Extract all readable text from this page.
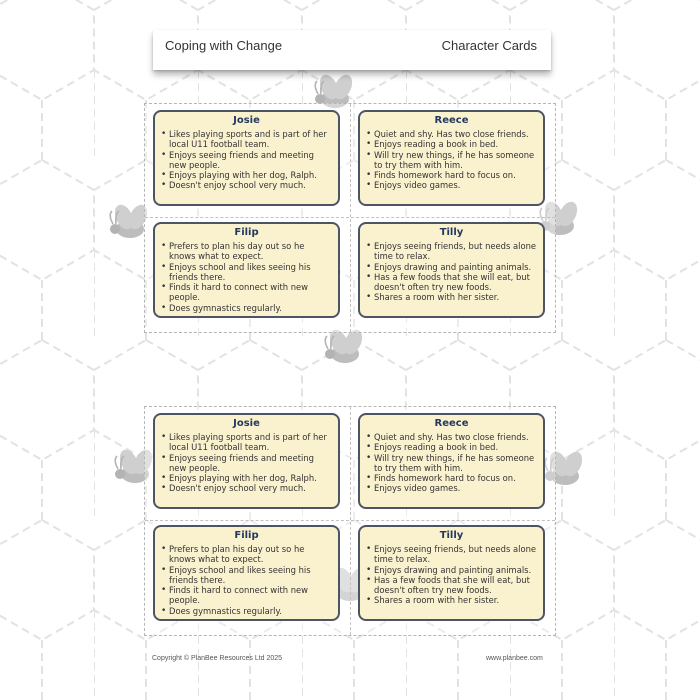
Coping with Change	Character Cards
Josie
• Likes playing sports and is part of her local U11 football team.
• Enjoys seeing friends and meeting new people.
• Enjoys playing with her dog, Ralph.
• Doesn't enjoy school very much.
Reece
• Quiet and shy. Has two close friends.
• Enjoys reading a book in bed.
• Will try new things, if he has someone to try them with him.
• Finds homework hard to focus on.
• Enjoys video games.
Filip
• Prefers to plan his day out so he knows what to expect.
• Enjoys school and likes seeing his friends there.
• Finds it hard to connect with new people.
• Does gymnastics regularly.
Tilly
• Enjoys seeing friends, but needs alone time to relax.
• Enjoys drawing and painting animals.
• Has a few foods that she will eat, but doesn't often try new foods.
• Shares a room with her sister.
Josie
• Likes playing sports and is part of her local U11 football team.
• Enjoys seeing friends and meeting new people.
• Enjoys playing with her dog, Ralph.
• Doesn't enjoy school very much.
Reece
• Quiet and shy. Has two close friends.
• Enjoys reading a book in bed.
• Will try new things, if he has someone to try them with him.
• Finds homework hard to focus on.
• Enjoys video games.
Filip
• Prefers to plan his day out so he knows what to expect.
• Enjoys school and likes seeing his friends there.
• Finds it hard to connect with new people.
• Does gymnastics regularly.
Tilly
• Enjoys seeing friends, but needs alone time to relax.
• Enjoys drawing and painting animals.
• Has a few foods that she will eat, but doesn't often try new foods.
• Shares a room with her sister.
Copyright © PlanBee Resources Ltd 2025	www.planbee.com
